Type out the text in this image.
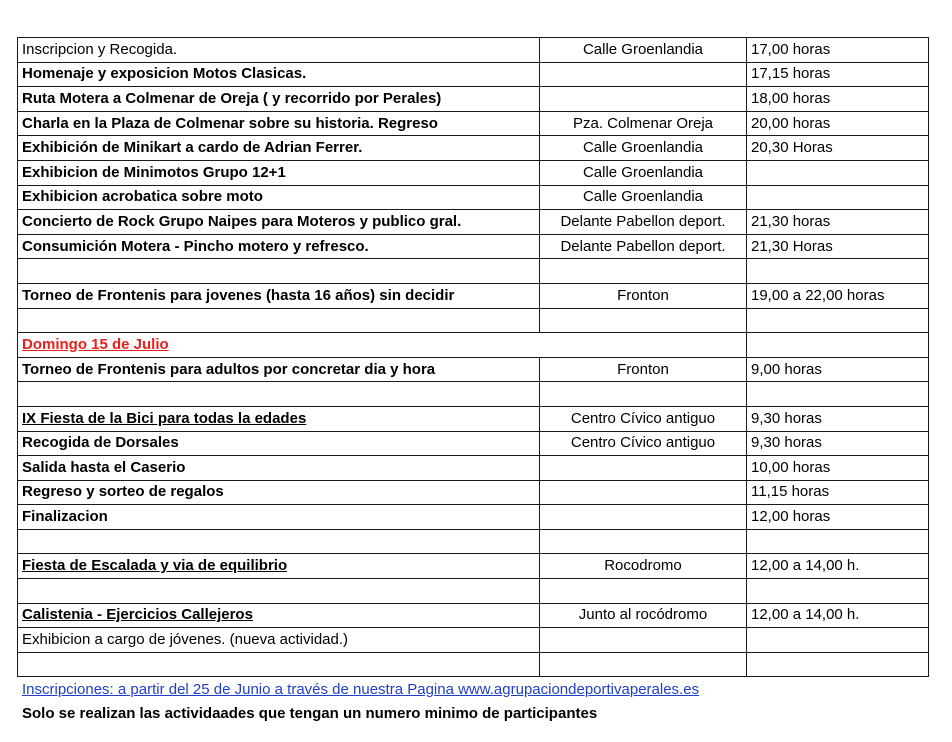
Inscripcion y Recogida.	Calle Groenlandia	17,00 horas
Homenaje y exposicion Motos Clasicas.		17,15 horas
Ruta Motera a Colmenar de Oreja ( y recorrido por Perales)		18,00 horas
Charla en la Plaza de Colmenar sobre su historia. Regreso	Pza. Colmenar Oreja	20,00 horas
Exhibición de Minikart a cardo de Adrian Ferrer.	Calle Groenlandia	20,30 Horas
Exhibicion de Minimotos Grupo 12+1	Calle Groenlandia	
Exhibicion acrobatica sobre moto	Calle Groenlandia	
Concierto de Rock Grupo Naipes para Moteros y publico gral.	Delante Pabellon deport.	21,30 horas
Consumición Motera - Pincho motero y refresco.	Delante Pabellon deport.	21,30 Horas

Torneo de Frontenis para jovenes (hasta 16 años) sin decidir	Fronton	19,00 a 22,00 horas

Domingo 15 de Julio		
Torneo de Frontenis para adultos por concretar dia y hora	Fronton	9,00 horas

IX Fiesta de la Bici para todas la edades	Centro Cívico antiguo	9,30 horas
Recogida de Dorsales	Centro Cívico antiguo	9,30 horas
Salida hasta el Caserio		10,00 horas
Regreso y sorteo de regalos		11,15 horas
Finalizacion		12,00 horas

Fiesta de Escalada y via de equilibrio	Rocodromo	12,00 a 14,00 h.

Calistenia - Ejercicios Callejeros	Junto al rocódromo	12,00 a 14,00 h.
Exhibicion a cargo de jóvenes. (nueva actividad.)		

Inscripciones: a partir del 25 de Junio a través de nuestra Pagina www.agrupaciondeportivaperales.es
Solo se realizan las actividaades que tengan un numero minimo de participantes
